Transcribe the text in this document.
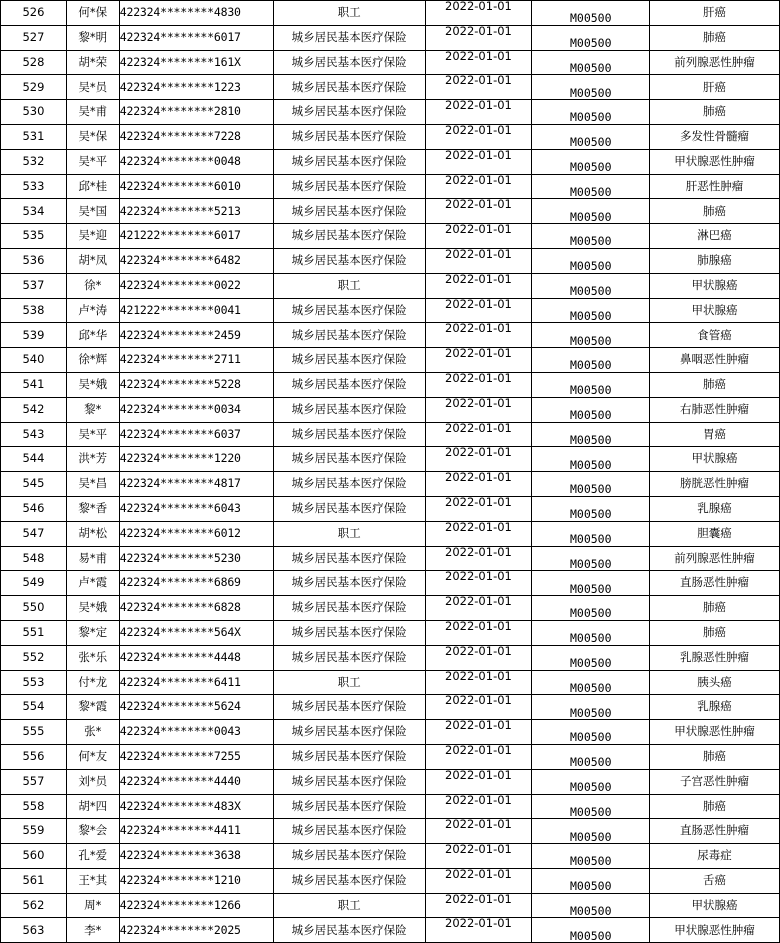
526	何*保	422324********4830	职工	2022-01-01	M00500	肝癌
527	黎*明	422324********6017	城乡居民基本医疗保险	2022-01-01	M00500	肺癌
528	胡*荣	422324********161X	城乡居民基本医疗保险	2022-01-01	M00500	前列腺恶性肿瘤
529	吴*员	422324********1223	城乡居民基本医疗保险	2022-01-01	M00500	肝癌
530	吴*甫	422324********2810	城乡居民基本医疗保险	2022-01-01	M00500	肺癌
531	吴*保	422324********7228	城乡居民基本医疗保险	2022-01-01	M00500	多发性骨髓瘤
532	吴*平	422324********0048	城乡居民基本医疗保险	2022-01-01	M00500	甲状腺恶性肿瘤
533	邱*桂	422324********6010	城乡居民基本医疗保险	2022-01-01	M00500	肝恶性肿瘤
534	吴*国	422324********5213	城乡居民基本医疗保险	2022-01-01	M00500	肺癌
535	吴*迎	421222********6017	城乡居民基本医疗保险	2022-01-01	M00500	淋巴癌
536	胡*凤	422324********6482	城乡居民基本医疗保险	2022-01-01	M00500	肺腺癌
537	徐*	422324********0022	职工	2022-01-01	M00500	甲状腺癌
538	卢*涛	421222********0041	城乡居民基本医疗保险	2022-01-01	M00500	甲状腺癌
539	邱*华	422324********2459	城乡居民基本医疗保险	2022-01-01	M00500	食管癌
540	徐*辉	422324********2711	城乡居民基本医疗保险	2022-01-01	M00500	鼻咽恶性肿瘤
541	吴*娥	422324********5228	城乡居民基本医疗保险	2022-01-01	M00500	肺癌
542	黎*	422324********0034	城乡居民基本医疗保险	2022-01-01	M00500	右肺恶性肿瘤
543	吴*平	422324********6037	城乡居民基本医疗保险	2022-01-01	M00500	胃癌
544	洪*芳	422324********1220	城乡居民基本医疗保险	2022-01-01	M00500	甲状腺癌
545	吴*昌	422324********4817	城乡居民基本医疗保险	2022-01-01	M00500	膀胱恶性肿瘤
546	黎*香	422324********6043	城乡居民基本医疗保险	2022-01-01	M00500	乳腺癌
547	胡*松	422324********6012	职工	2022-01-01	M00500	胆囊癌
548	易*甫	422324********5230	城乡居民基本医疗保险	2022-01-01	M00500	前列腺恶性肿瘤
549	卢*霞	422324********6869	城乡居民基本医疗保险	2022-01-01	M00500	直肠恶性肿瘤
550	吴*娥	422324********6828	城乡居民基本医疗保险	2022-01-01	M00500	肺癌
551	黎*定	422324********564X	城乡居民基本医疗保险	2022-01-01	M00500	肺癌
552	张*乐	422324********4448	城乡居民基本医疗保险	2022-01-01	M00500	乳腺恶性肿瘤
553	付*龙	422324********6411	职工	2022-01-01	M00500	胰头癌
554	黎*霞	422324********5624	城乡居民基本医疗保险	2022-01-01	M00500	乳腺癌
555	张*	422324********0043	城乡居民基本医疗保险	2022-01-01	M00500	甲状腺恶性肿瘤
556	何*友	422324********7255	城乡居民基本医疗保险	2022-01-01	M00500	肺癌
557	刘*员	422324********4440	城乡居民基本医疗保险	2022-01-01	M00500	子宫恶性肿瘤
558	胡*四	422324********483X	城乡居民基本医疗保险	2022-01-01	M00500	肺癌
559	黎*会	422324********4411	城乡居民基本医疗保险	2022-01-01	M00500	直肠恶性肿瘤
560	孔*爱	422324********3638	城乡居民基本医疗保险	2022-01-01	M00500	尿毒症
561	王*其	422324********1210	城乡居民基本医疗保险	2022-01-01	M00500	舌癌
562	周*	422324********1266	职工	2022-01-01	M00500	甲状腺癌
563	李*	422324********2025	城乡居民基本医疗保险	2022-01-01	M00500	甲状腺恶性肿瘤
